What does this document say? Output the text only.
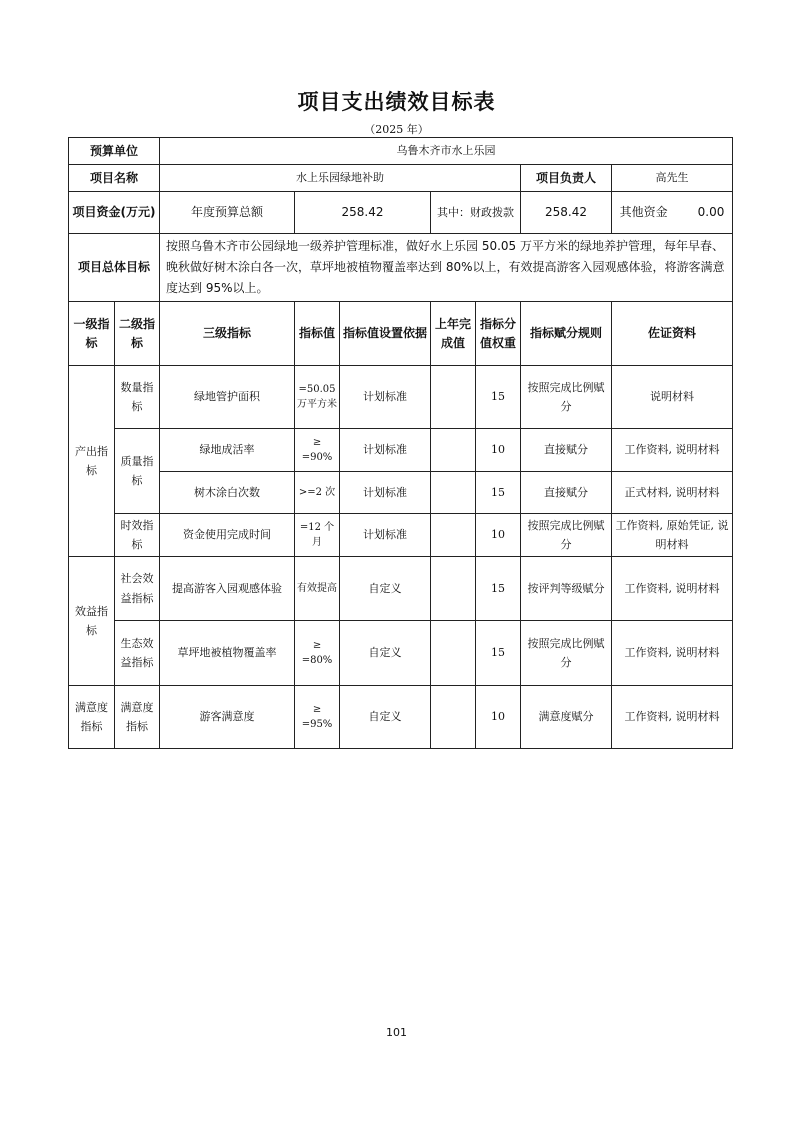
项目支出绩效目标表
（2025 年）
预算单位		乌鲁木齐市水上乐园						
项目名称		水上乐园绿地补助					项目负责人	高先生
项目资金(万元)		年度预算总额	258.42		其中：财政拨款		258.42	其他资金 0.00
项目总体目标		按照乌鲁木齐市公园绿地一级养护管理标准，做好水上乐园 50.05 万平方米的绿地养护管理，每年早春、晚秋做好树木涂白各一次，草坪地被植物覆盖率达到 80%以上，有效提高游客入园观感体验，将游客满意度达到 95%以上。						
一级指标	二级指标	三级指标	指标值	指标值设置依据	上年完成值	指标分值权重	指标赋分规则	佐证资料
产出指标	数量指标	绿地管护面积	=50.05 万平方米	计划标准		15	按照完成比例赋分	说明材料
	质量指标	绿地成活率	≥ =90%	计划标准		10	直接赋分	工作资料, 说明材料
		树木涂白次数	>=2 次	计划标准		15	直接赋分	正式材料, 说明材料
	时效指标	资金使用完成时间	=12 个月	计划标准		10	按照完成比例赋分	工作资料, 原始凭证, 说明材料
效益指标	社会效益指标	提高游客入园观感体验	有效提高	自定义		15	按评判等级赋分	工作资料, 说明材料
	生态效益指标	草坪地被植物覆盖率	≥ =80%	自定义		15	按照完成比例赋分	工作资料, 说明材料
满意度指标	满意度指标	游客满意度	≥ =95%	自定义		10	满意度赋分	工作资料, 说明材料
101
